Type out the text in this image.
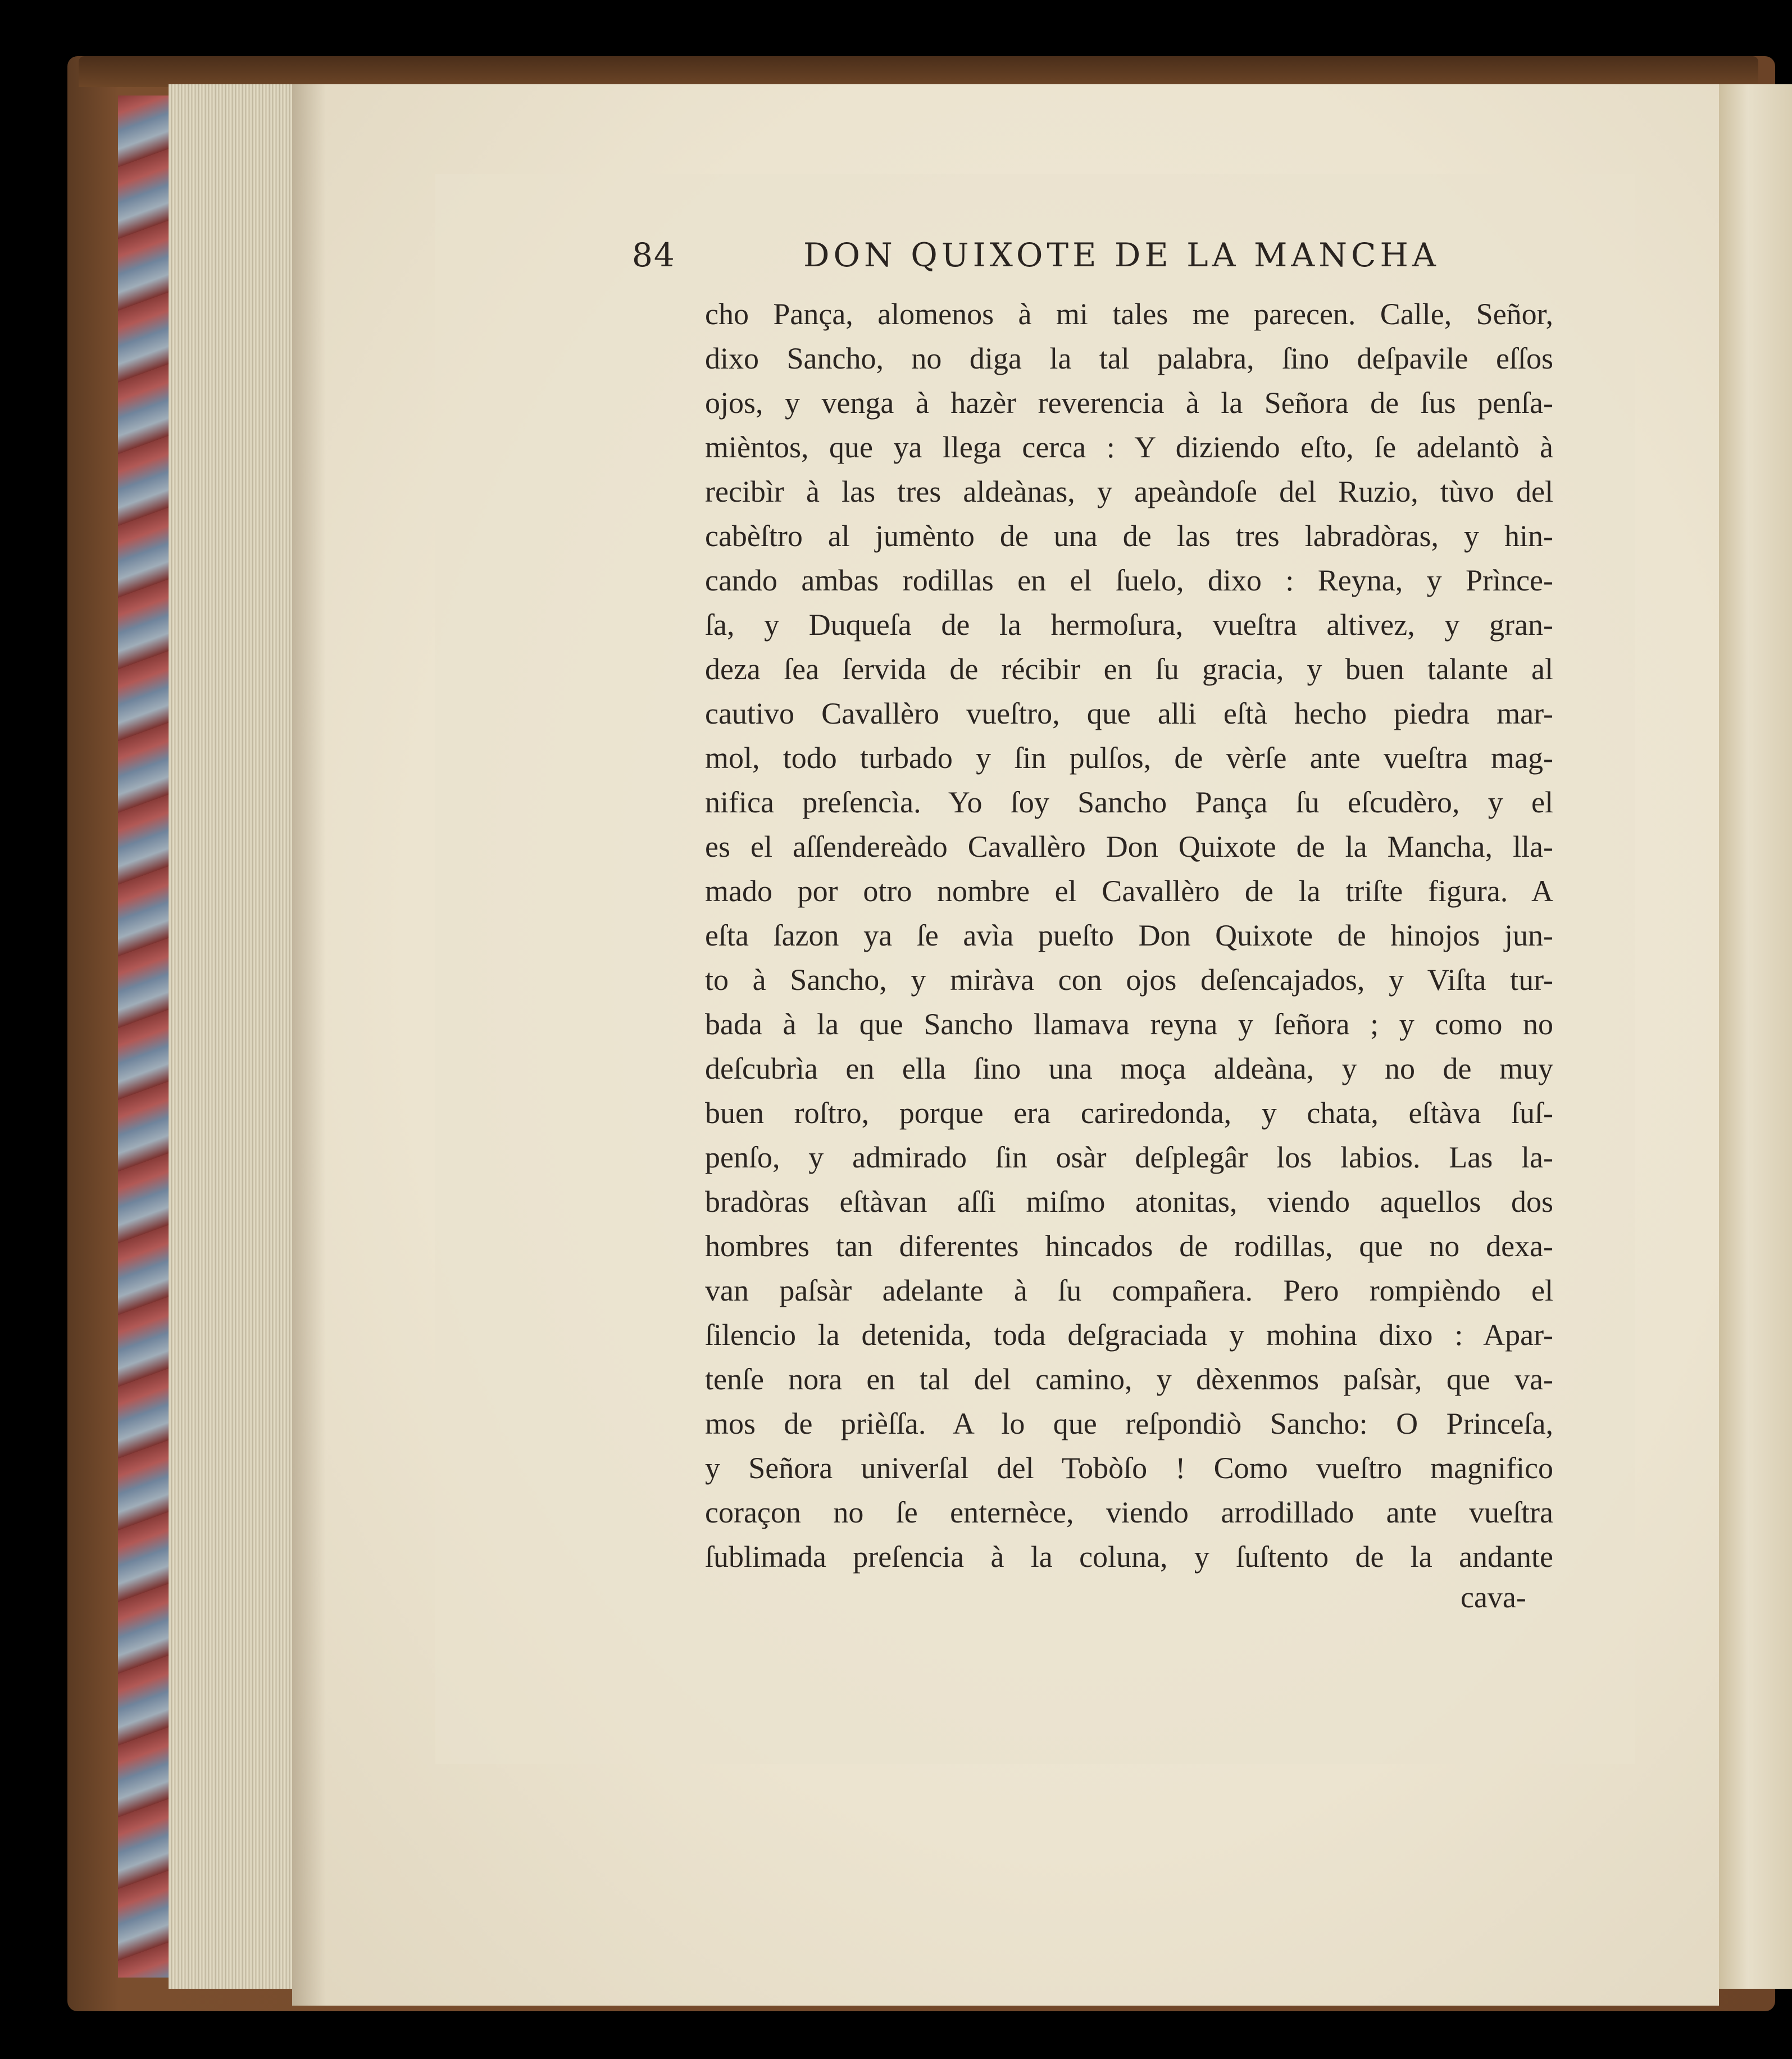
84	DON QUIXOTE DE LA MANCHA
cho Pança, alomenos à mi tales me parecen. Calle, Señor,
dixo Sancho, no diga la tal palabra, ſino deſpavile eſſos
ojos, y venga à hazèr reverencia à la Señora de ſus penſa-
mièntos, que ya llega cerca : Y diziendo eſto, ſe adelantò à
recibìr à las tres aldeànas, y apeàndoſe del Ruzio, tùvo del
cabèſtro al jumènto de una de las tres labradòras, y hin-
cando ambas rodillas en el ſuelo, dixo : Reyna, y Prìnce-
ſa, y Duqueſa de la hermoſura, vueſtra altivez, y gran-
deza ſea ſervida de récibir en ſu gracia, y buen talante al
cautivo Cavallèro vueſtro, que alli eſtà hecho piedra mar-
mol, todo turbado y ſin pulſos, de vèrſe ante vueſtra mag-
nifica preſencìa. Yo ſoy Sancho Pança ſu eſcudèro, y el
es el aſſendereàdo Cavallèro Don Quixote de la Mancha, lla-
mado por otro nombre el Cavallèro de la triſte figura. A
eſta ſazon ya ſe avìa pueſto Don Quixote de hinojos jun-
to à Sancho, y miràva con ojos deſencajados, y Viſta tur-
bada à la que Sancho llamava reyna y ſeñora ; y como no
deſcubrìa en ella ſino una moça aldeàna, y no de muy
buen roſtro, porque era cariredonda, y chata, eſtàva ſuſ-
penſo, y admirado ſin osàr deſplegâr los labios. Las la-
bradòras eſtàvan aſſi miſmo atonitas, viendo aquellos dos
hombres tan diferentes hincados de rodillas, que no dexa-
van paſsàr adelante à ſu compañera. Pero rompièndo el
ſilencio la detenida, toda deſgraciada y mohina dixo : Apar-
tenſe nora en tal del camino, y dèxenmos paſsàr, que va-
mos de prièſſa. A lo que reſpondiò Sancho: O Princeſa,
y Señora univerſal del Tobòſo ! Como vueſtro magnifico
coraçon no ſe enternèce, viendo arrodillado ante vueſtra
ſublimada preſencia à la coluna, y ſuſtento de la andante
cava-
